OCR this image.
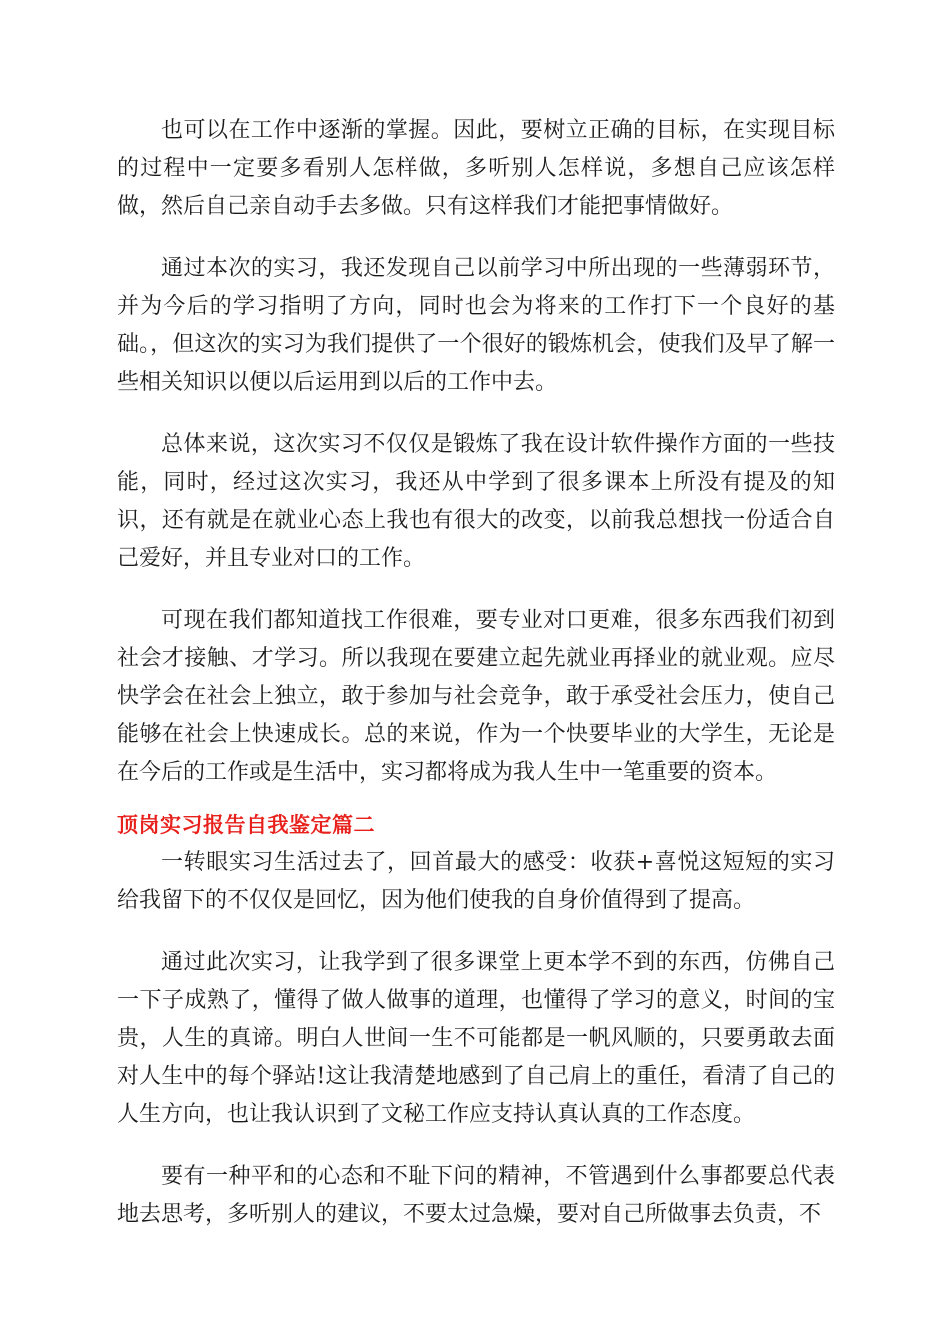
也可以在工作中逐渐的掌握。因此，要树立正确的目标，在实现目标的过程中一定要多看别人怎样做，多听别人怎样说，多想自己应该怎样做，然后自己亲自动手去多做。只有这样我们才能把事情做好。

通过本次的实习，我还发现自己以前学习中所出现的一些薄弱环节，并为今后的学习指明了方向，同时也会为将来的工作打下一个良好的基础。，但这次的实习为我们提供了一个很好的锻炼机会，使我们及早了解一些相关知识以便以后运用到以后的工作中去。

总体来说，这次实习不仅仅是锻炼了我在设计软件操作方面的一些技能，同时，经过这次实习，我还从中学到了很多课本上所没有提及的知识，还有就是在就业心态上我也有很大的改变，以前我总想找一份适合自己爱好，并且专业对口的工作。

可现在我们都知道找工作很难，要专业对口更难，很多东西我们初到社会才接触、才学习。所以我现在要建立起先就业再择业的就业观。应尽快学会在社会上独立，敢于参加与社会竞争，敢于承受社会压力，使自己能够在社会上快速成长。总的来说，作为一个快要毕业的大学生，无论是在今后的工作或是生活中，实习都将成为我人生中一笔重要的资本。

顶岗实习报告自我鉴定篇二

一转眼实习生活过去了，回首最大的感受：收获+喜悦这短短的实习给我留下的不仅仅是回忆，因为他们使我的自身价值得到了提高。

通过此次实习，让我学到了很多课堂上更本学不到的东西，仿佛自己一下子成熟了，懂得了做人做事的道理，也懂得了学习的意义，时间的宝贵，人生的真谛。明白人世间一生不可能都是一帆风顺的，只要勇敢去面对人生中的每个驿站!这让我清楚地感到了自己肩上的重任，看清了自己的人生方向，也让我认识到了文秘工作应支持认真认真的工作态度。

要有一种平和的心态和不耻下问的精神，不管遇到什么事都要总代表地去思考，多听别人的建议，不要太过急燥，要对自己所做事去负责，不
